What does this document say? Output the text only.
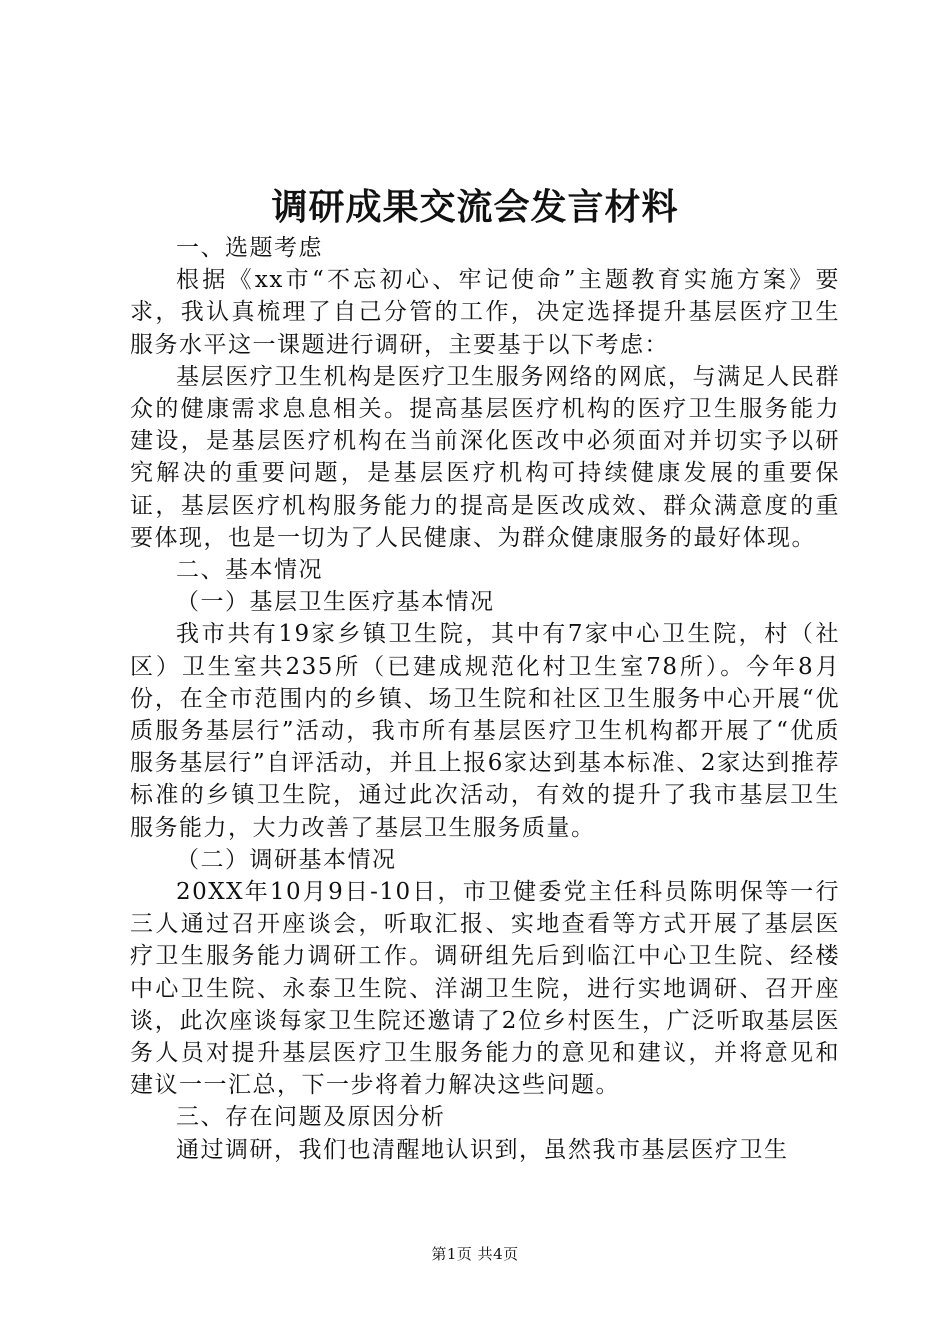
调研成果交流会发言材料

一、选题考虑

根据《xx市“不忘初心、牢记使命”主题教育实施方案》要求，我认真梳理了自己分管的工作，决定选择提升基层医疗卫生服务水平这一课题进行调研，主要基于以下考虑：

基层医疗卫生机构是医疗卫生服务网络的网底，与满足人民群众的健康需求息息相关。提高基层医疗机构的医疗卫生服务能力建设，是基层医疗机构在当前深化医改中必须面对并切实予以研究解决的重要问题，是基层医疗机构可持续健康发展的重要保证，基层医疗机构服务能力的提高是医改成效、群众满意度的重要体现，也是一切为了人民健康、为群众健康服务的最好体现。

二、基本情况

（一）基层卫生医疗基本情况

我市共有19家乡镇卫生院，其中有7家中心卫生院，村（社区）卫生室共235所（已建成规范化村卫生室78所）。今年8月份，在全市范围内的乡镇、场卫生院和社区卫生服务中心开展“优质服务基层行”活动，我市所有基层医疗卫生机构都开展了“优质服务基层行”自评活动，并且上报6家达到基本标准、2家达到推荐标准的乡镇卫生院，通过此次活动，有效的提升了我市基层卫生服务能力，大力改善了基层卫生服务质量。

（二）调研基本情况

20XX年10月9日-10日，市卫健委党主任科员陈明保等一行三人通过召开座谈会，听取汇报、实地查看等方式开展了基层医疗卫生服务能力调研工作。调研组先后到临江中心卫生院、经楼中心卫生院、永泰卫生院、洋湖卫生院，进行实地调研、召开座谈，此次座谈每家卫生院还邀请了2位乡村医生，广泛听取基层医务人员对提升基层医疗卫生服务能力的意见和建议，并将意见和建议一一汇总，下一步将着力解决这些问题。

三、存在问题及原因分析

通过调研，我们也清醒地认识到，虽然我市基层医疗卫生

第1页 共4页
